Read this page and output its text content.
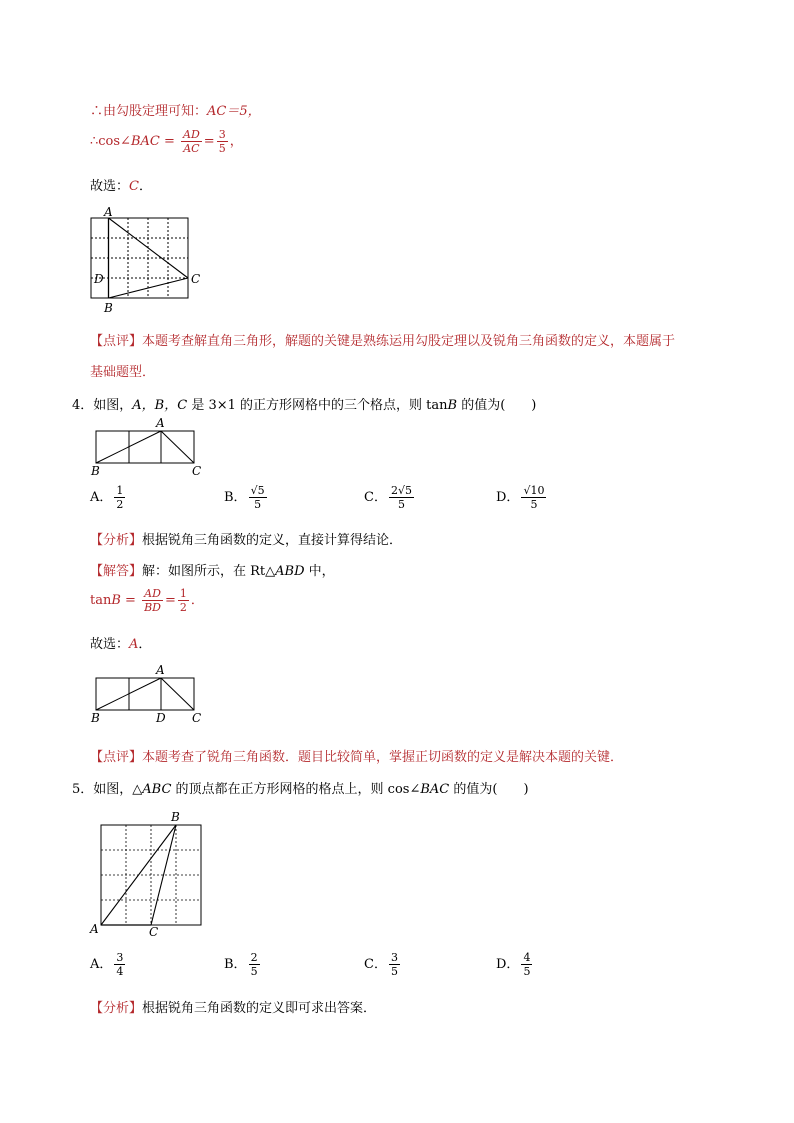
∴由勾股定理可知：AC＝5，
∴cos∠BAC = $\frac{AD}{AC} = \frac{3}{5}$ ，
故选：C．
A
B
C
D
【点评】本题考查解直角三角形，解题的关键是熟练运用勾股定理以及锐角三角函数的定义，本题属于
基础题型．
4．如图，A，B，C 是 3×1 的正方形网格中的三个格点，则 tanB 的值为(　　)
A
B	C
A． $\frac{1}{2}$	B． $\frac{√5}{5}$	C． $\frac{2√5}{5}$	D． $\frac{√10}{5}$
【分析】根据锐角三角函数的定义，直接计算得结论．
【解答】解：如图所示，在 Rt△ABD 中，
$\tan B = \frac{AD}{BD} = \frac{1}{2}$ ．
故选：A．
A
B	C
D
【点评】本题考查了锐角三角函数．题目比较简单，掌握正切函数的定义是解决本题的关键．
5．如图，△ABC 的顶点都在正方形网格的格点上，则 cos∠BAC 的值为(　　)
B
A	C
A． $\frac{3}{4}$	B． $\frac{2}{5}$	C． $\frac{3}{5}$	D． $\frac{4}{5}$
【分析】根据锐角三角函数的定义即可求出答案．
